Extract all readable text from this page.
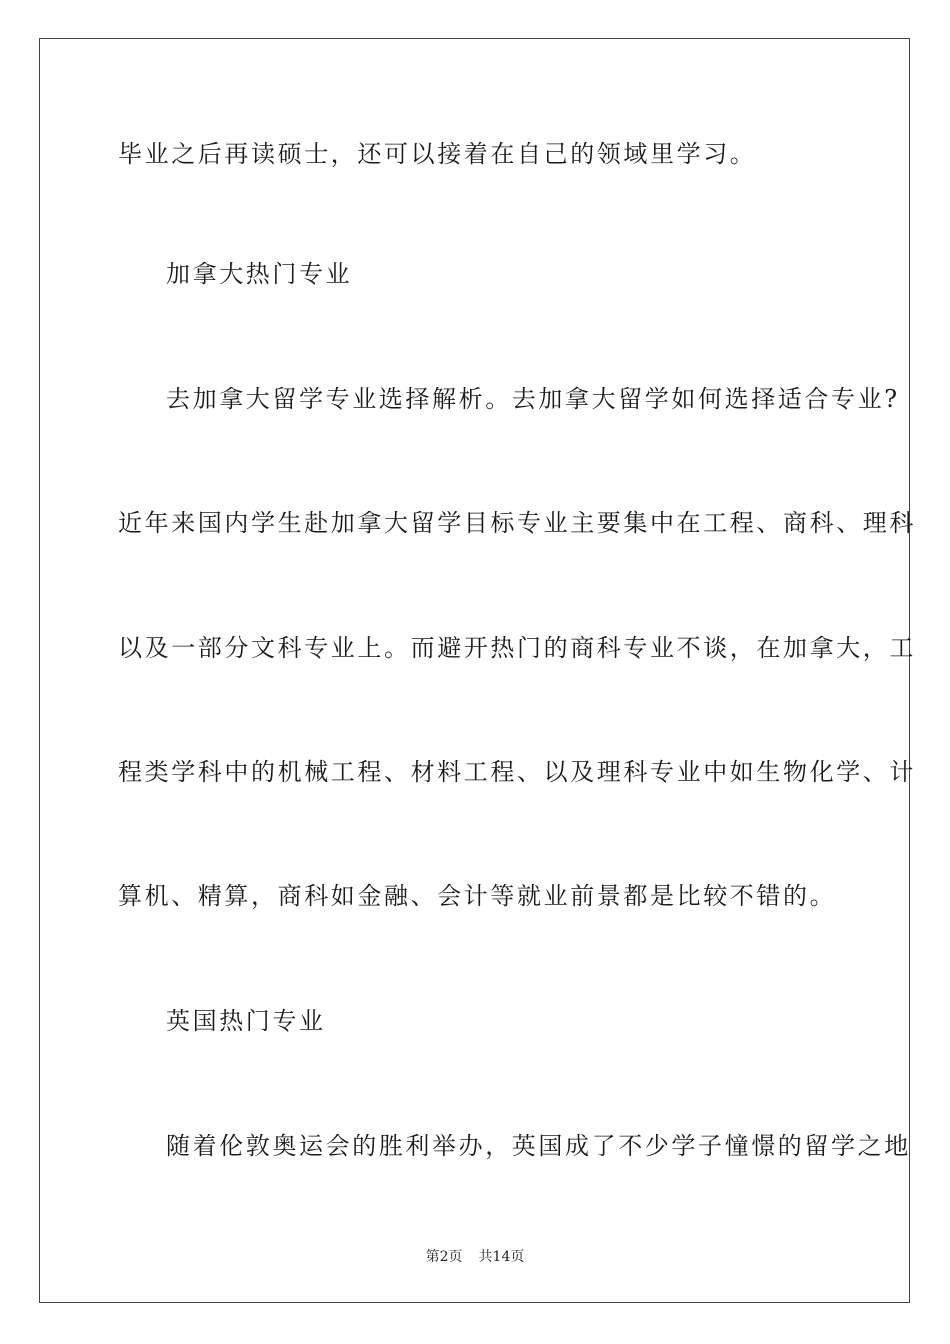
毕业之后再读硕士，还可以接着在自己的领域里学习。
加拿大热门专业
去加拿大留学专业选择解析。去加拿大留学如何选择适合专业?
近年来国内学生赴加拿大留学目标专业主要集中在工程、商科、理科
以及一部分文科专业上。而避开热门的商科专业不谈，在加拿大，工
程类学科中的机械工程、材料工程、以及理科专业中如生物化学、计
算机、精算，商科如金融、会计等就业前景都是比较不错的。
英国热门专业
随着伦敦奥运会的胜利举办，英国成了不少学子憧憬的留学之地
第2页 共14页
